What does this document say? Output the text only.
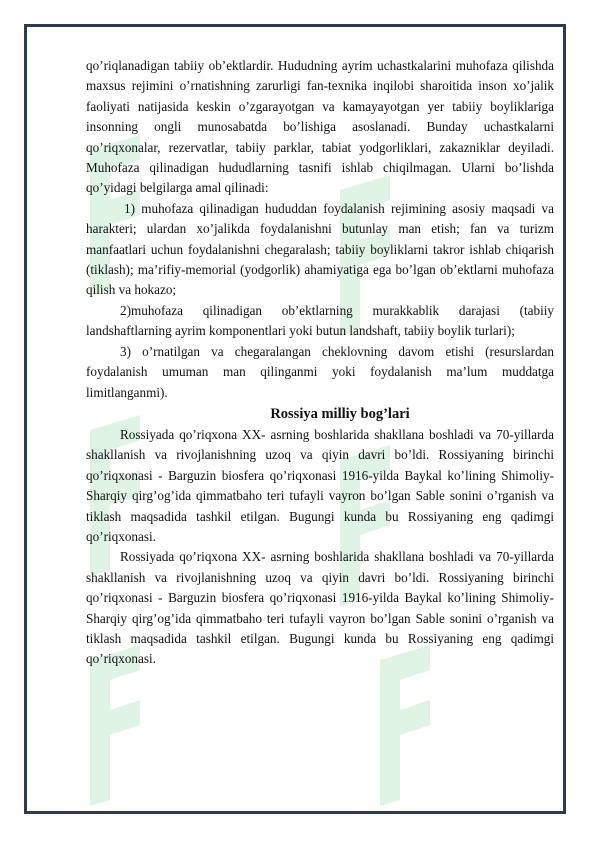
qo’riqlanadigan tabiiy ob’ektlardir. Hududning ayrim uchastkalarini muhofaza qilishda maxsus rejimini o’rnatishning zarurligi fan-texnika inqilobi sharoitida inson xo’jalik faoliyati natijasida keskin o’zgarayotgan va kamayayotgan yer tabiiy boyliklariga insonning ongli munosabatda bo’lishiga asoslanadi. Bunday uchastkalarni qo’riqxonalar, rezervatlar, tabiiy parklar, tabiat yodgorliklari, zakazniklar deyiladi. Muhofaza qilinadigan hududlarning tasnifi ishlab chiqilmagan. Ularni bo’lishda qo’yidagi belgilarga amal qilinadi:

1) muhofaza qilinadigan hududdan foydalanish rejimining asosiy maqsadi va harakteri; ulardan xo’jalikda foydalanishni butunlay man etish; fan va turizm manfaatlari uchun foydalanishni chegaralash; tabiiy boyliklarni takror ishlab chiqarish (tiklash); ma’rifiy-memorial (yodgorlik) ahamiyatiga ega bo’lgan ob’ektlarni muhofaza qilish va hokazo;

2)muhofaza qilinadigan ob’ektlarning murakkablik darajasi (tabiiy landshaftlarning ayrim komponentlari yoki butun landshaft, tabiiy boylik turlari);

3) o’rnatilgan va chegaralangan cheklovning davom etishi (resurslardan foydalanish umuman man qilinganmi yoki foydalanish ma’lum muddatga limitlanganmi).

Rossiya milliy bog’lari

Rossiyada qo’riqxona XX- asrning boshlarida shakllana boshladi va 70-yillarda shakllanish va rivojlanishning uzoq va qiyin davri bo’ldi. Rossiyaning birinchi qo’riqxonasi - Barguzin biosfera qo’riqxonasi 1916-yilda Baykal ko’lining Shimoliy-Sharqiy qirg’og’ida qimmatbaho teri tufayli vayron bo’lgan Sable sonini o’rganish va tiklash maqsadida tashkil etilgan. Bugungi kunda bu Rossiyaning eng qadimgi qo’riqxonasi.

Rossiyada qo’riqxona XX- asrning boshlarida shakllana boshladi va 70-yillarda shakllanish va rivojlanishning uzoq va qiyin davri bo’ldi. Rossiyaning birinchi qo’riqxonasi - Barguzin biosfera qo’riqxonasi 1916-yilda Baykal ko’lining Shimoliy-Sharqiy qirg’og’ida qimmatbaho teri tufayli vayron bo’lgan Sable sonini o’rganish va tiklash maqsadida tashkil etilgan. Bugungi kunda bu Rossiyaning eng qadimgi qo’riqxonasi.
